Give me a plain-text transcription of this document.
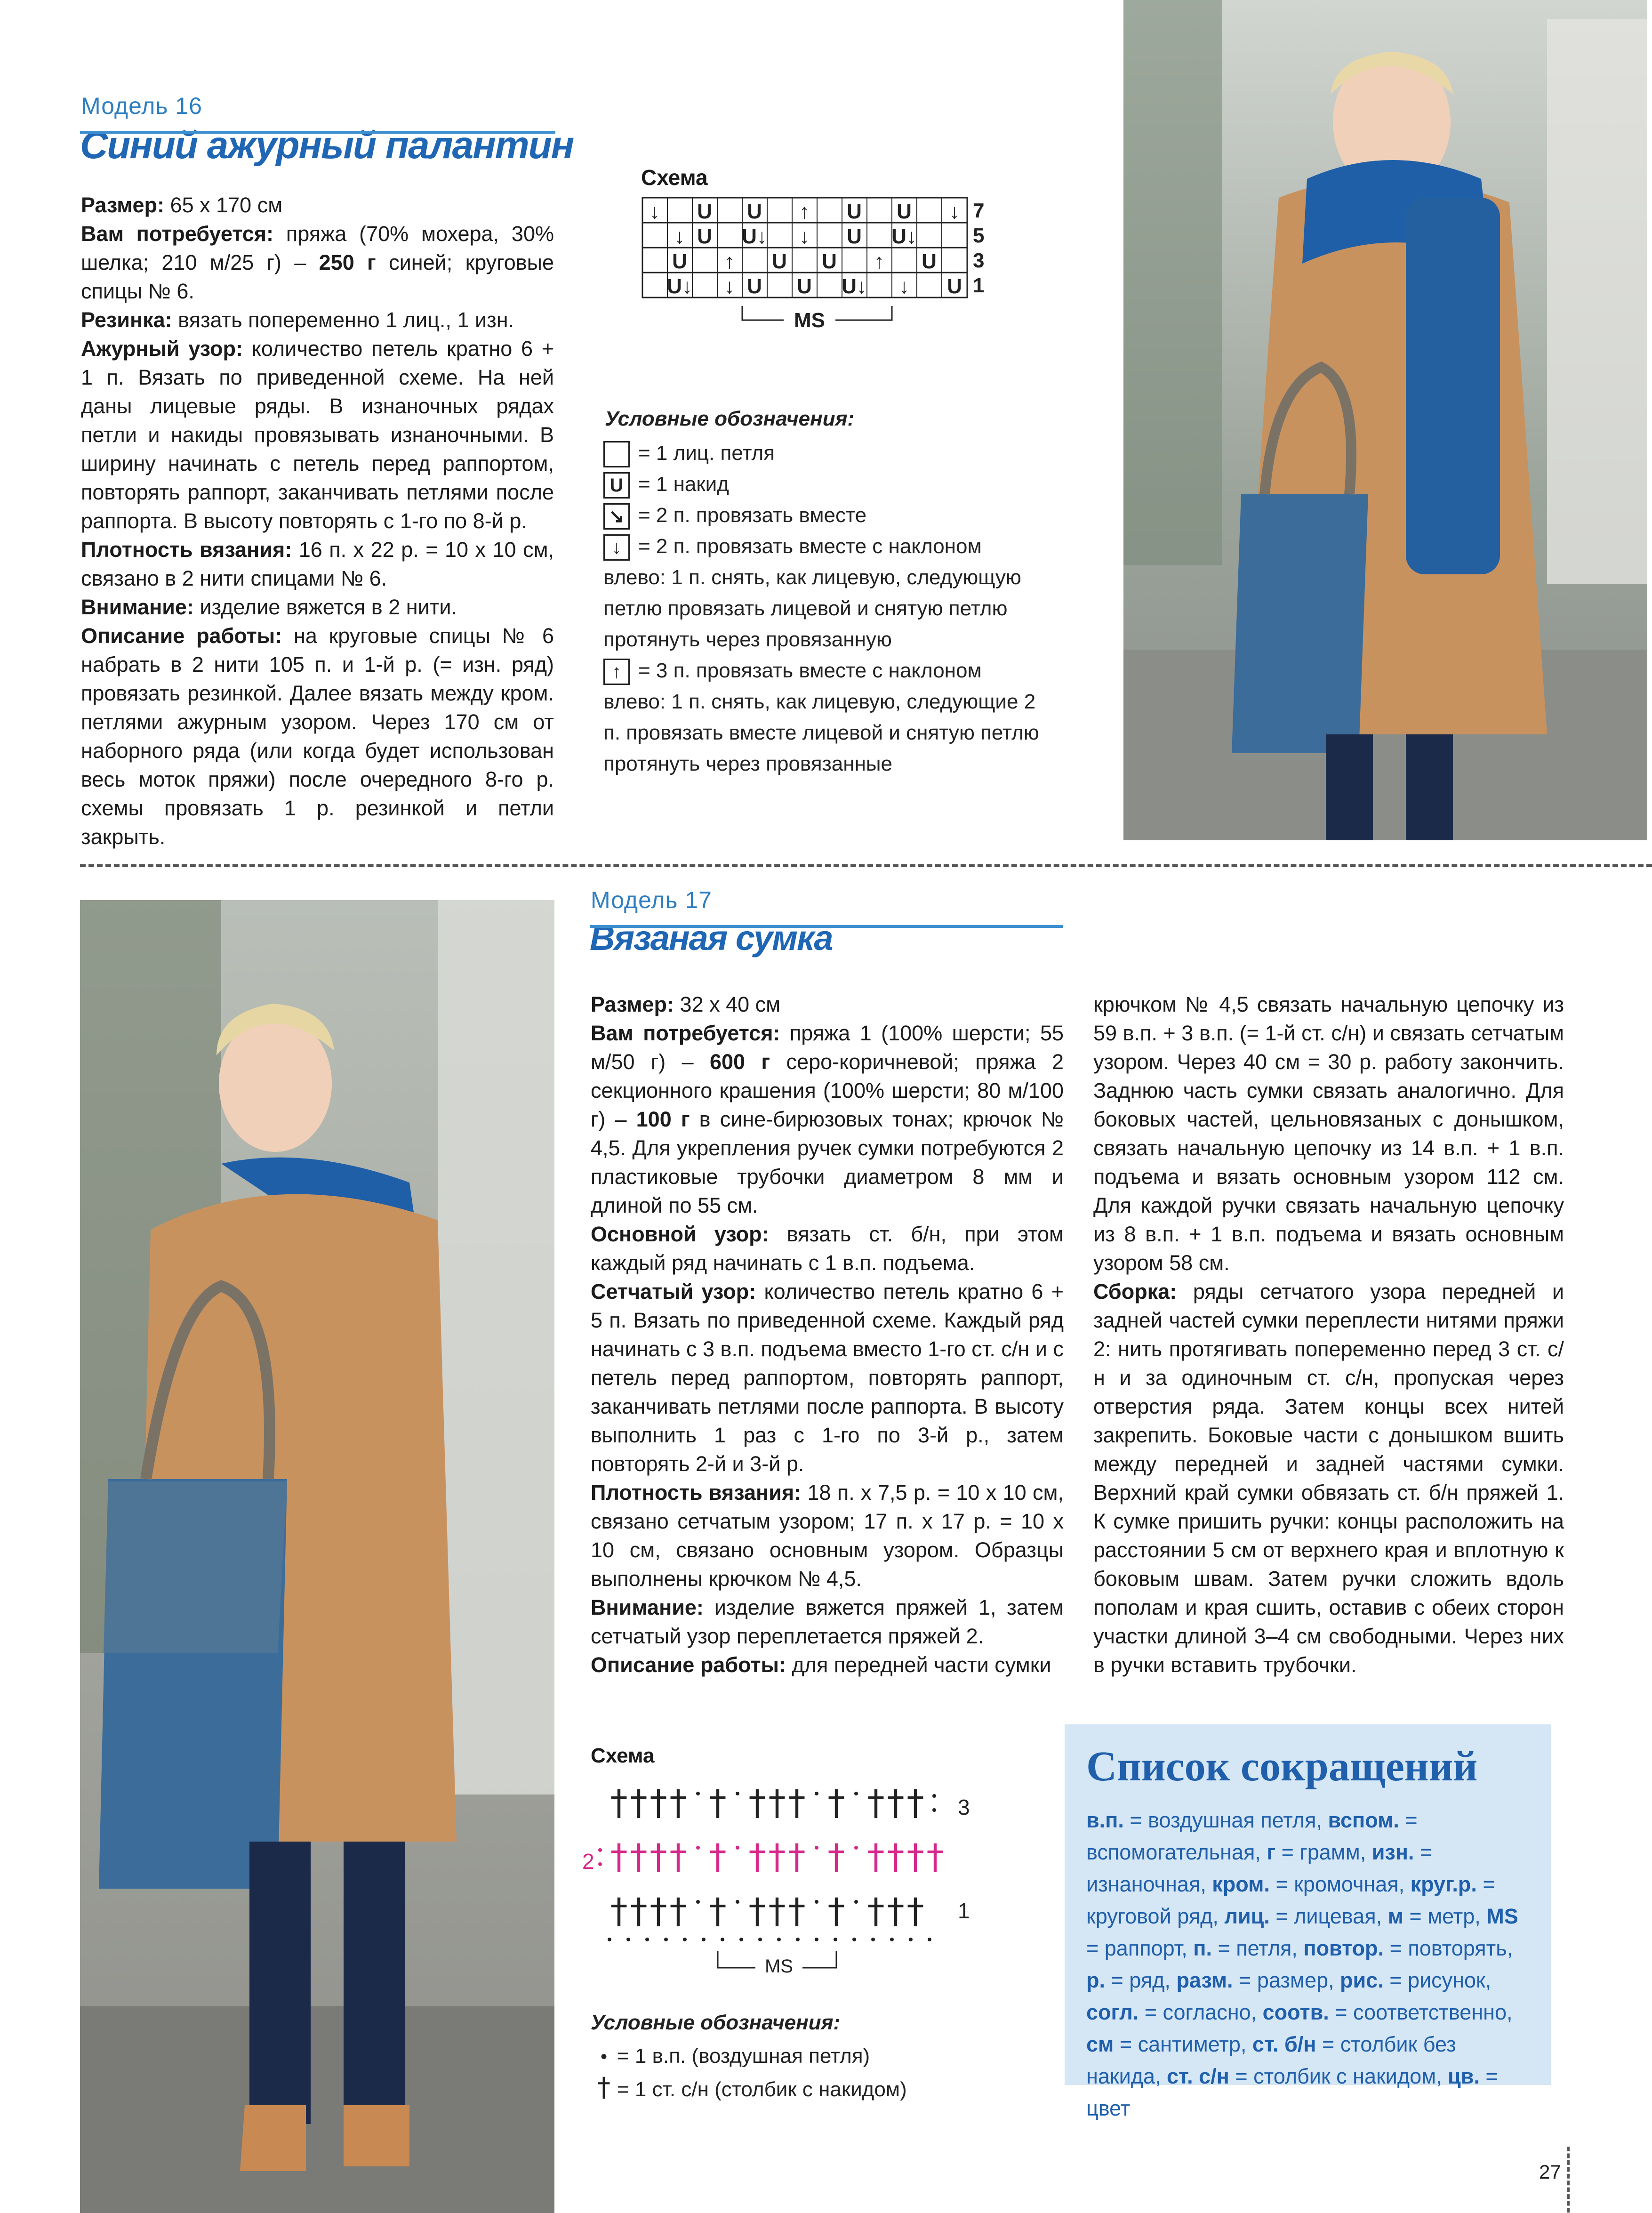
Модель 16
Синий ажурный палантин

Размер: 65 x 170 см

Вам потребуется: пряжа (70% мохера, 30% шелка; 210 м/25 г) – 250 г синей; круговые спицы № 6.

Резинка: вязать попеременно 1 лиц., 1 изн.

Ажурный узор: количество петель кратно 6 + 1 п. Вязать по приведенной схеме. На ней даны лицевые ряды. В изнаночных рядах петли и накиды провязывать изнаночными. В ширину начинать с петель перед раппортом, повторять раппорт, заканчивать петлями после раппорта. В высоту повторять с 1-го по 8-й р.

Плотность вязания: 16 п. x 22 р. = 10 x 10 см, связано в 2 нити спицами № 6.

Внимание: изделие вяжется в 2 нити.

Описание работы: на круговые спицы № 6 набрать в 2 нити 105 п. и 1-й р. (= изн. ряд) провязать резинкой. Далее вязать между кром. петлями ажурным узором. Через 170 см от наборного ряда (или когда будет использован весь моток пряжи) после очередного 8-го р. схемы провязать 1 р. резинкой и петли закрыть.

Схема
↓ U U ↑ U U ↓
↓ U U↓ ↓ U U↓
U ↑ U U ↑ U
U↓ ↓ U U U↓ ↓ U
7
5
3
1
MS
Условные обозначения:
= 1 лиц. петля
U = 1 накид
↘ = 2 п. провязать вместе
↓ = 2 п. провязать вместе с наклоном влево: 1 п. снять, как лицевую, следующую петлю провязать лицевой и снятую петлю протянуть через провязанную
↑ = 3 п. провязать вместе с наклоном влево: 1 п. снять, как лицевую, следующие 2 п. провязать вместе лицевой и снятую петлю протянуть через провязанные
Модель 17
Вязаная сумка

Размер: 32 x 40 см

Вам потребуется: пряжа 1 (100% шерсти; 55 м/50 г) – 600 г серо-коричневой; пряжа 2 секционного крашения (100% шерсти; 80 м/100 г) – 100 г в сине-бирюзовых тонах; крючок № 4,5. Для укрепления ручек сумки потребуются 2 пластиковые трубочки диаметром 8 мм и длиной по 55 см.

Основной узор: вязать ст. б/н, при этом каждый ряд начинать с 1 в.п. подъема.

Сетчатый узор: количество петель кратно 6 + 5 п. Вязать по приведенной схеме. Каждый ряд начинать с 3 в.п. подъема вместо 1-го ст. с/н и с петель перед раппортом, повторять раппорт, заканчивать петлями после раппорта. В высоту выполнить 1 раз с 1-го по 3-й р., затем повторять 2-й и 3-й р.

Плотность вязания: 18 п. x 7,5 р. = 10 x 10 см, связано сетчатым узором; 17 п. x 17 р. = 10 x 10 см, связано основным узором. Образцы выполнены крючком № 4,5.

Внимание: изделие вяжется пряжей 1, затем сетчатый узор переплетается пряжей 2.

Описание работы: для передней части сумки

крючком № 4,5 связать начальную цепочку из 59 в.п. + 3 в.п. (= 1-й ст. с/н) и связать сетчатым узором. Через 40 см = 30 р. работу закончить. Заднюю часть сумки связать аналогично. Для боковых частей, цельновязаных с донышком, связать начальную цепочку из 14 в.п. + 1 в.п. подъема и вязать основным узором 112 см. Для каждой ручки связать начальную цепочку из 8 в.п. + 1 в.п. подъема и вязать основным узором 58 см.

Сборка: ряды сетчатого узора передней и задней частей сумки переплести нитями пряжи 2: нить протягивать попеременно перед 3 ст. с/н и за одиночным ст. с/н, пропуская через отверстия ряда. Затем концы всех нитей закрепить. Боковые части с донышком вшить между передней и задней частями сумки. Верхний край сумки обвязать ст. б/н пряжей 1. К сумке пришить ручки: концы расположить на расстоянии 5 см от верхнего края и вплотную к боковым швам. Затем ручки сложить вдоль пополам и края сшить, оставив с обеих сторон участки длиной 3–4 см свободными. Через них в ручки вставить трубочки.

Схема
† † † † † † † † † † † † 3
† † † † † † † † † † † † †
2
† † † † † † † † † † † † 1
MS
Условные обозначения:
• = 1 в.п. (воздушная петля)
† = 1 ст. с/н (столбик с накидом)
Список сокращений
в.п. = воздушная петля, вспом. = вспомогательная, г = грамм, изн. = изнаночная, кром. = кромочная, круг.р. = круговой ряд, лиц. = лицевая, м = метр, MS = раппорт, п. = петля, повтор. = повторять, р. = ряд, разм. = размер, рис. = рисунок, согл. = согласно, соотв. = соответственно, см = сантиметр, ст. б/н = столбик без накида, ст. с/н = столбик с накидом, цв. = цвет
27
